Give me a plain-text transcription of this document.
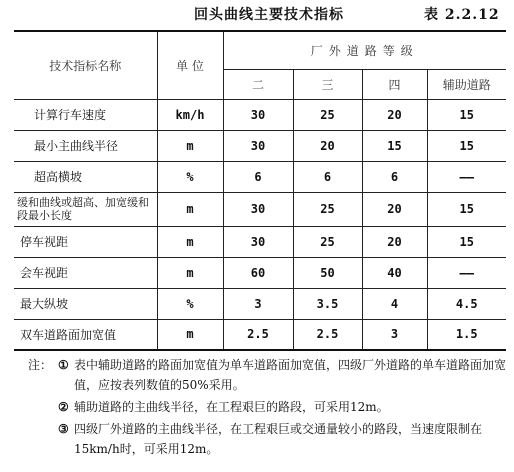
回头曲线主要技术指标	表 2.2.12
技术指标名称	单 位	厂外道路等级			
		二	三	四	辅助道路
计算行车速度	km/h	30	25	20	15
最小主曲线半径	m	30	20	15	15
超高横坡	%	6	6	6	——
缓和曲线或超高、加宽缓和段最小长度	m	30	25	20	15
停车视距	m	30	25	20	15
会车视距	m	60	50	40	——
最大纵坡	%	3	3.5	4	4.5
双车道路面加宽值	m	2.5	2.5	3	1.5
注： ① 表中辅助道路的路面加宽值为单车道路面加宽值，四级厂外道路的单车道路面加宽值，应按表列数值的50%采用。
② 辅助道路的主曲线半径，在工程艰巨的路段，可采用12m。
③ 四级厂外道路的主曲线半径，在工程艰巨或交通量较小的路段，当速度限制在15km/h时，可采用12m。
